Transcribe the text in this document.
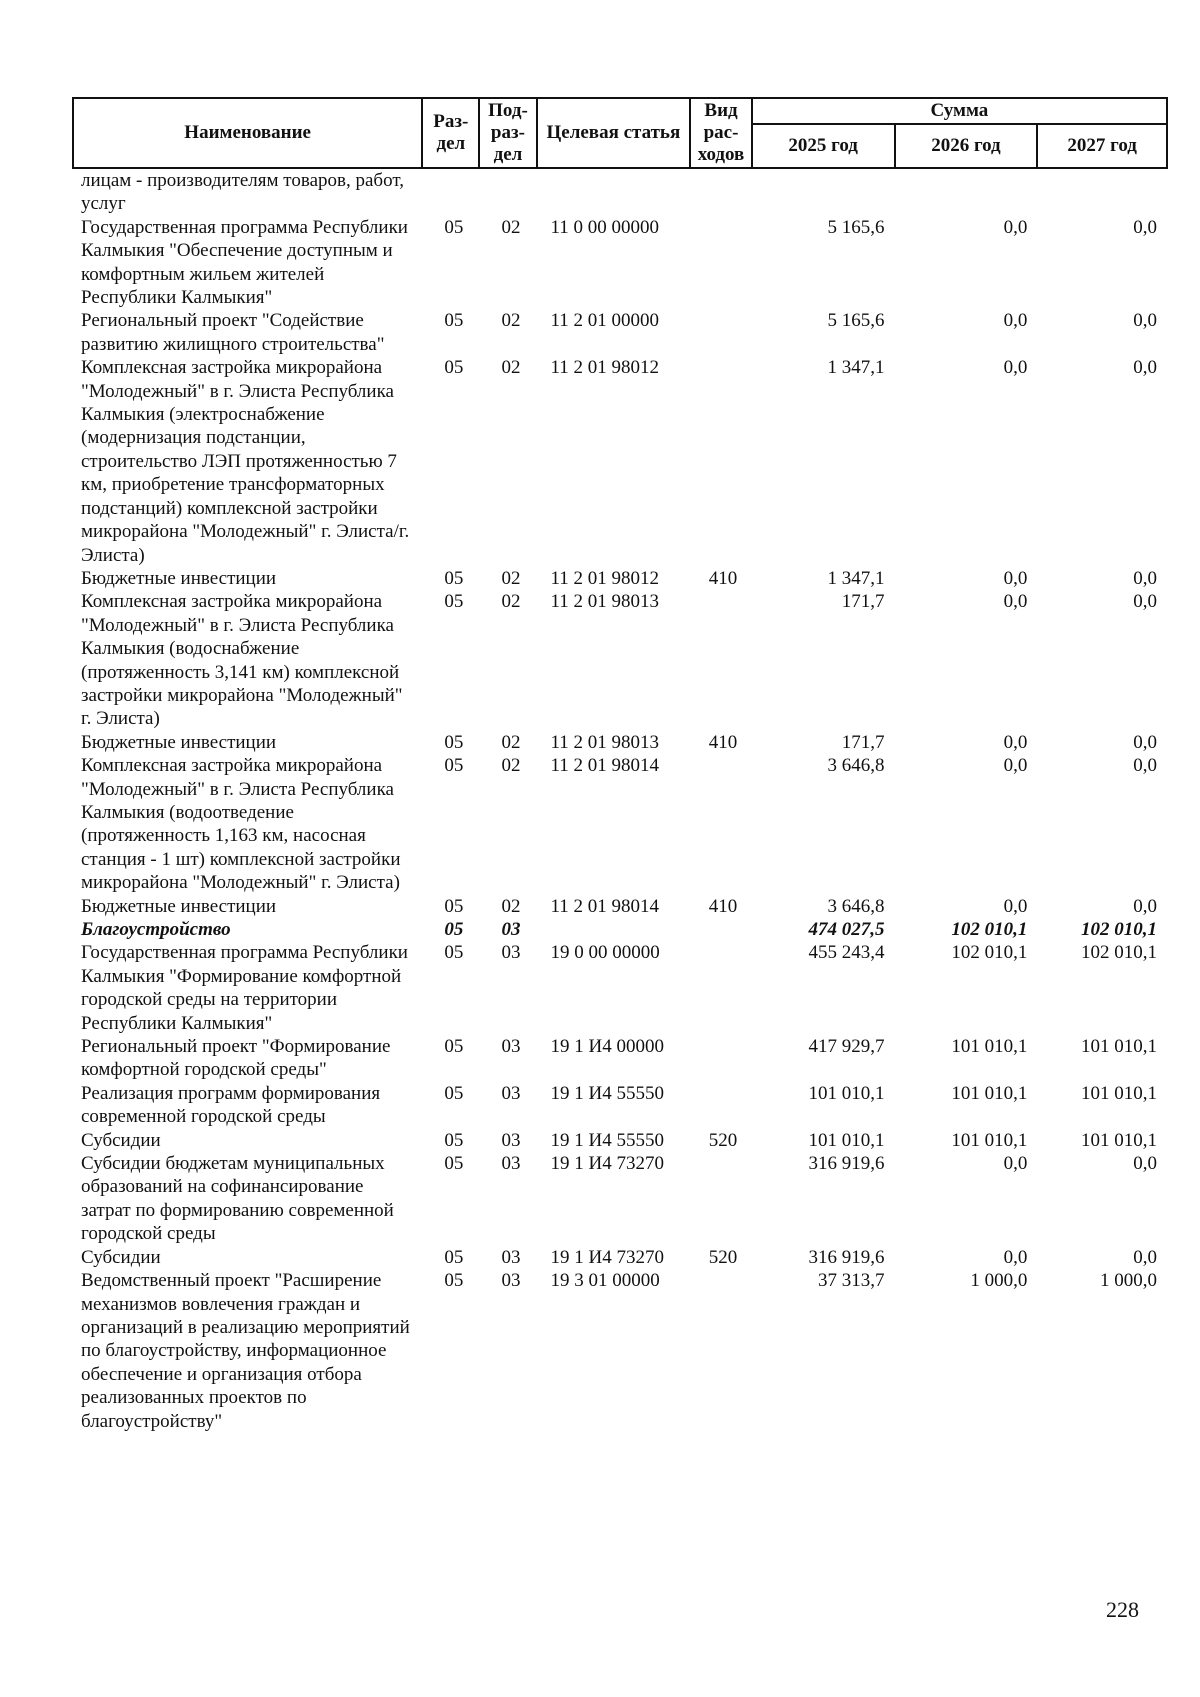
Наименование	Раз- дел	Под- раз- дел	Целевая статья	Вид рас- ходов	Сумма		
					2025 год	2026 год	2027 год
лицам - производителям товаров, работ, услуг							
Государственная программа Республики Калмыкия "Обеспечение доступным и комфортным жильем жителей Республики Калмыкия"	05	02	11 0 00 00000		5 165,6	0,0	0,0
Региональный проект "Содействие развитию жилищного строительства"	05	02	11 2 01 00000		5 165,6	0,0	0,0
Комплексная застройка микрорайона "Молодежный" в г. Элиста Республика Калмыкия (электроснабжение (модернизация подстанции, строительство ЛЭП протяженностью 7 км, приобретение трансформаторных подстанций) комплексной застройки микрорайона "Молодежный" г. Элиста/г. Элиста)	05	02	11 2 01 98012		1 347,1	0,0	0,0
Бюджетные инвестиции	05	02	11 2 01 98012	410	1 347,1	0,0	0,0
Комплексная застройка микрорайона "Молодежный" в г. Элиста Республика Калмыкия (водоснабжение (протяженность 3,141 км) комплексной застройки микрорайона "Молодежный" г. Элиста)	05	02	11 2 01 98013		171,7	0,0	0,0
Бюджетные инвестиции	05	02	11 2 01 98013	410	171,7	0,0	0,0
Комплексная застройка микрорайона "Молодежный" в г. Элиста Республика Калмыкия (водоотведение (протяженность 1,163 км, насосная станция - 1 шт) комплексной застройки микрорайона "Молодежный" г. Элиста)	05	02	11 2 01 98014		3 646,8	0,0	0,0
Бюджетные инвестиции	05	02	11 2 01 98014	410	3 646,8	0,0	0,0
Благоустройство	05	03			474 027,5	102 010,1	102 010,1
Государственная программа Республики Калмыкия "Формирование комфортной городской среды на территории Республики Калмыкия"	05	03	19 0 00 00000		455 243,4	102 010,1	102 010,1
Региональный проект "Формирование комфортной городской среды"	05	03	19 1 И4 00000		417 929,7	101 010,1	101 010,1
Реализация программ формирования современной городской среды	05	03	19 1 И4 55550		101 010,1	101 010,1	101 010,1
Субсидии	05	03	19 1 И4 55550	520	101 010,1	101 010,1	101 010,1
Субсидии бюджетам муниципальных образований на софинансирование затрат по формированию современной городской среды	05	03	19 1 И4 73270		316 919,6	0,0	0,0
Субсидии	05	03	19 1 И4 73270	520	316 919,6	0,0	0,0
Ведомственный проект "Расширение механизмов вовлечения граждан и организаций в реализацию мероприятий по благоустройству, информационное обеспечение и организация отбора реализованных проектов по благоустройству"	05	03	19 3 01 00000		37 313,7	1 000,0	1 000,0
228
